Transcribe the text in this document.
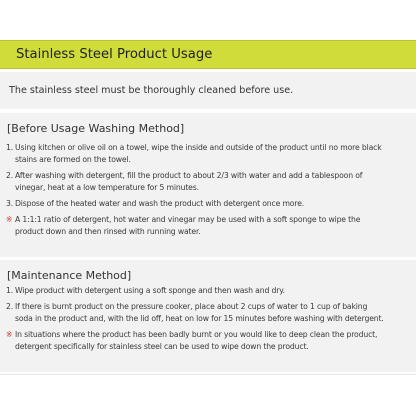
Stainless Steel Product Usage
The stainless steel must be thoroughly cleaned before use.
[Before Usage Washing Method]
1. Using kitchen or olive oil on a towel, wipe the inside and outside of the product until no more black
stains are formed on the towel.
2. After washing with detergent, fill the product to about 2/3 with water and add a tablespoon of
vinegar, heat at a low temperature for 5 minutes.
3. Dispose of the heated water and wash the product with detergent once more.
※ A 1:1:1 ratio of detergent, hot water and vinegar may be used with a soft sponge to wipe the
product down and then rinsed with running water.
[Maintenance Method]
1. Wipe product with detergent using a soft sponge and then wash and dry.
2. If there is burnt product on the pressure cooker, place about 2 cups of water to 1 cup of baking
soda in the product and, with the lid off, heat on low for 15 minutes before washing with detergent.
※ In situations where the product has been badly burnt or you would like to deep clean the product,
detergent specifically for stainless steel can be used to wipe down the product.
